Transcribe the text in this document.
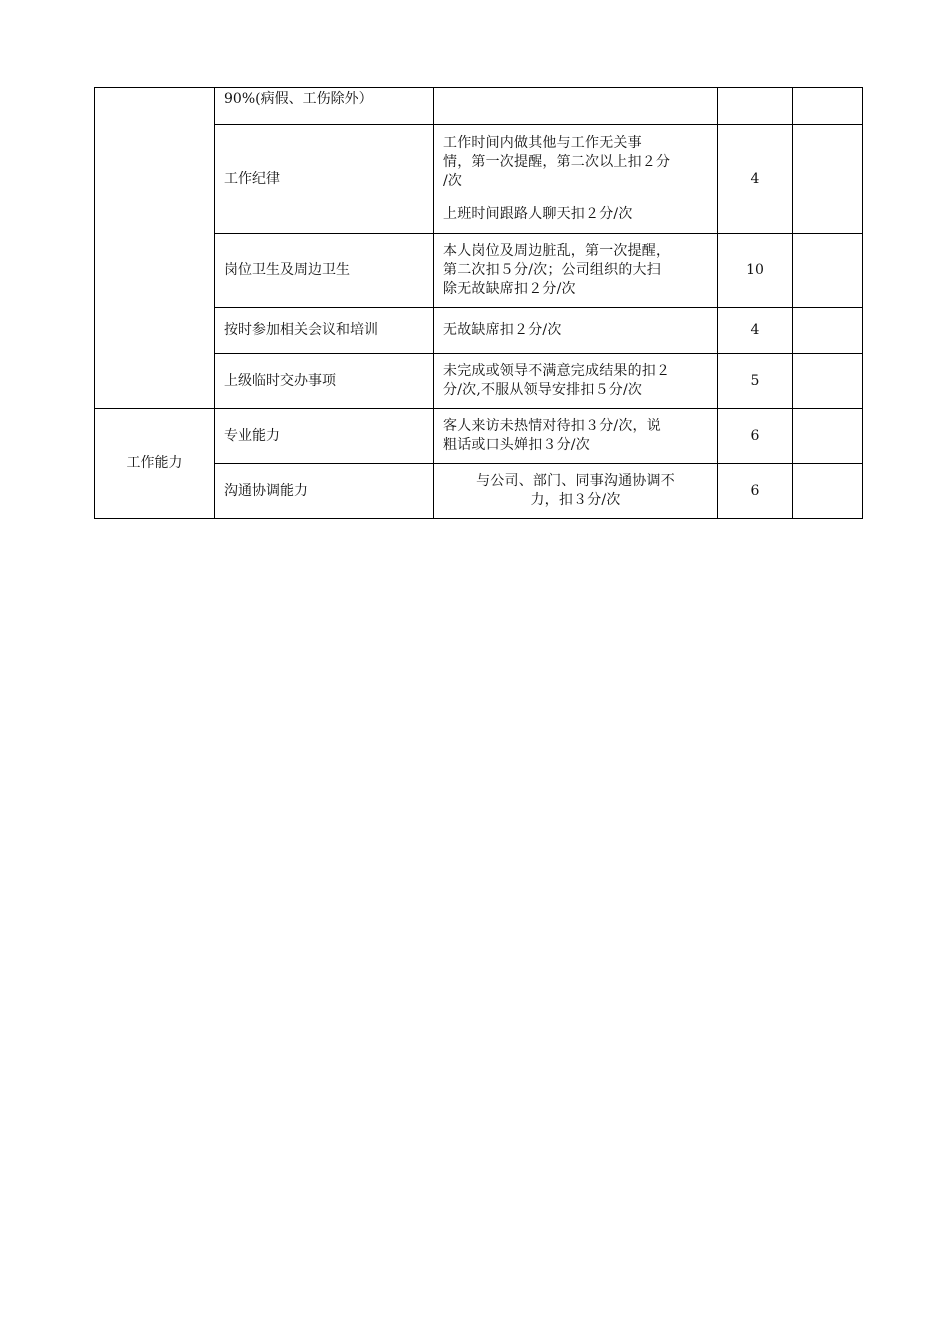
	90%(病假、工伤除外）			
	工作纪律	工作时间内做其他与工作无关事
情，第一次提醒，第二次以上扣２分
/次
上班时间跟路人聊天扣２分/次	4	
	岗位卫生及周边卫生	本人岗位及周边脏乱，第一次提醒，
第二次扣５分/次；公司组织的大扫
除无故缺席扣２分/次	10	
	按时参加相关会议和培训	无故缺席扣２分/次	4	
	上级临时交办事项	未完成或领导不满意完成结果的扣２
分/次,不服从领导安排扣５分/次	5	
工作能力	专业能力	客人来访未热情对待扣３分/次，说
粗话或口头婵扣３分/次	6	
	沟通协调能力	与公司、部门、同事沟通协调不
力，扣３分/次	6	
